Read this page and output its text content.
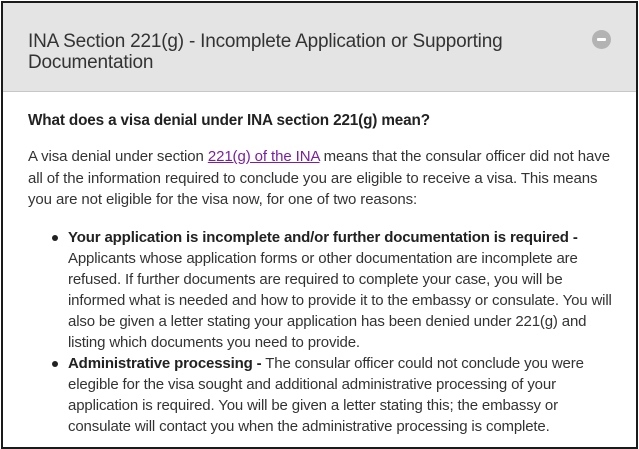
INA Section 221(g) - Incomplete Application or Supporting Documentation

What does a visa denial under INA section 221(g) mean?

A visa denial under section 221(g) of the INA means that the consular officer did not have all of the information required to conclude you are eligible to receive a visa. This means you are not eligible for the visa now, for one of two reasons:

Your application is incomplete and/or further documentation is required - Applicants whose application forms or other documentation are incomplete are refused. If further documents are required to complete your case, you will be informed what is needed and how to provide it to the embassy or consulate. You will also be given a letter stating your application has been denied under 221(g) and listing which documents you need to provide.
Administrative processing - The consular officer could not conclude you were elegible for the visa sought and additional administrative processing of your application is required. You will be given a letter stating this; the embassy or consulate will contact you when the administrative processing is complete.
